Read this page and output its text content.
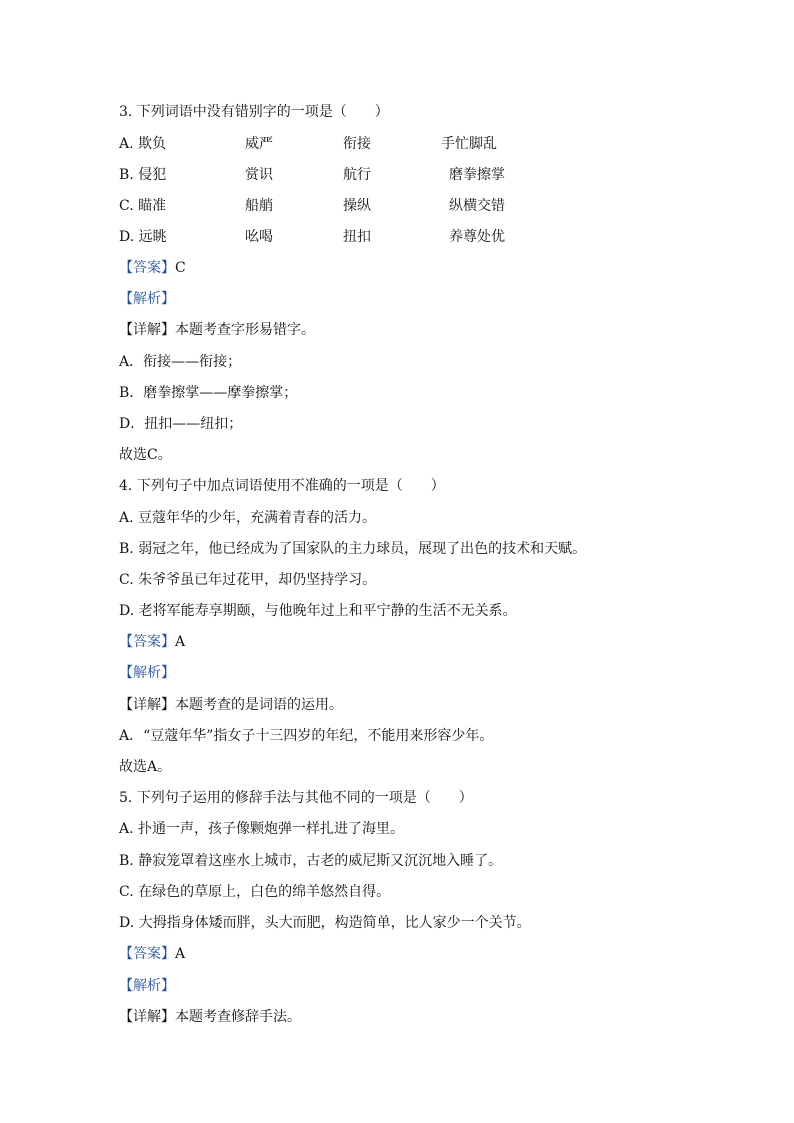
3. 下列词语中没有错别字的一项是（　　）
A. 欺负	威严	衔接	手忙脚乱
B. 侵犯	赏识	航行	磨拳擦掌
C. 瞄准	船艄	操纵	纵横交错
D. 远眺	吆喝	扭扣	养尊处优
【答案】C
【解析】
【详解】本题考查字形易错字。
A．衔接——衔接；
B．磨拳擦掌——摩拳擦掌；
D．扭扣——纽扣；
故选C。
4. 下列句子中加点词语使用不准确的一项是（　　）
A. 豆蔻年华的少年，充满着青春的活力。
B. 弱冠之年，他已经成为了国家队的主力球员，展现了出色的技术和天赋。
C. 朱爷爷虽已年过花甲，却仍坚持学习。
D. 老将军能寿享期颐，与他晚年过上和平宁静的生活不无关系。
【答案】A
【解析】
【详解】本题考查的是词语的运用。
A．“豆蔻年华”指女子十三四岁的年纪，不能用来形容少年。
故选A。
5. 下列句子运用的修辞手法与其他不同的一项是（　　）
A. 扑通一声，孩子像颗炮弹一样扎进了海里。
B. 静寂笼罩着这座水上城市，古老的威尼斯又沉沉地入睡了。
C. 在绿色的草原上，白色的绵羊悠然自得。
D. 大拇指身体矮而胖，头大而肥，构造简单，比人家少一个关节。
【答案】A
【解析】
【详解】本题考查修辞手法。
